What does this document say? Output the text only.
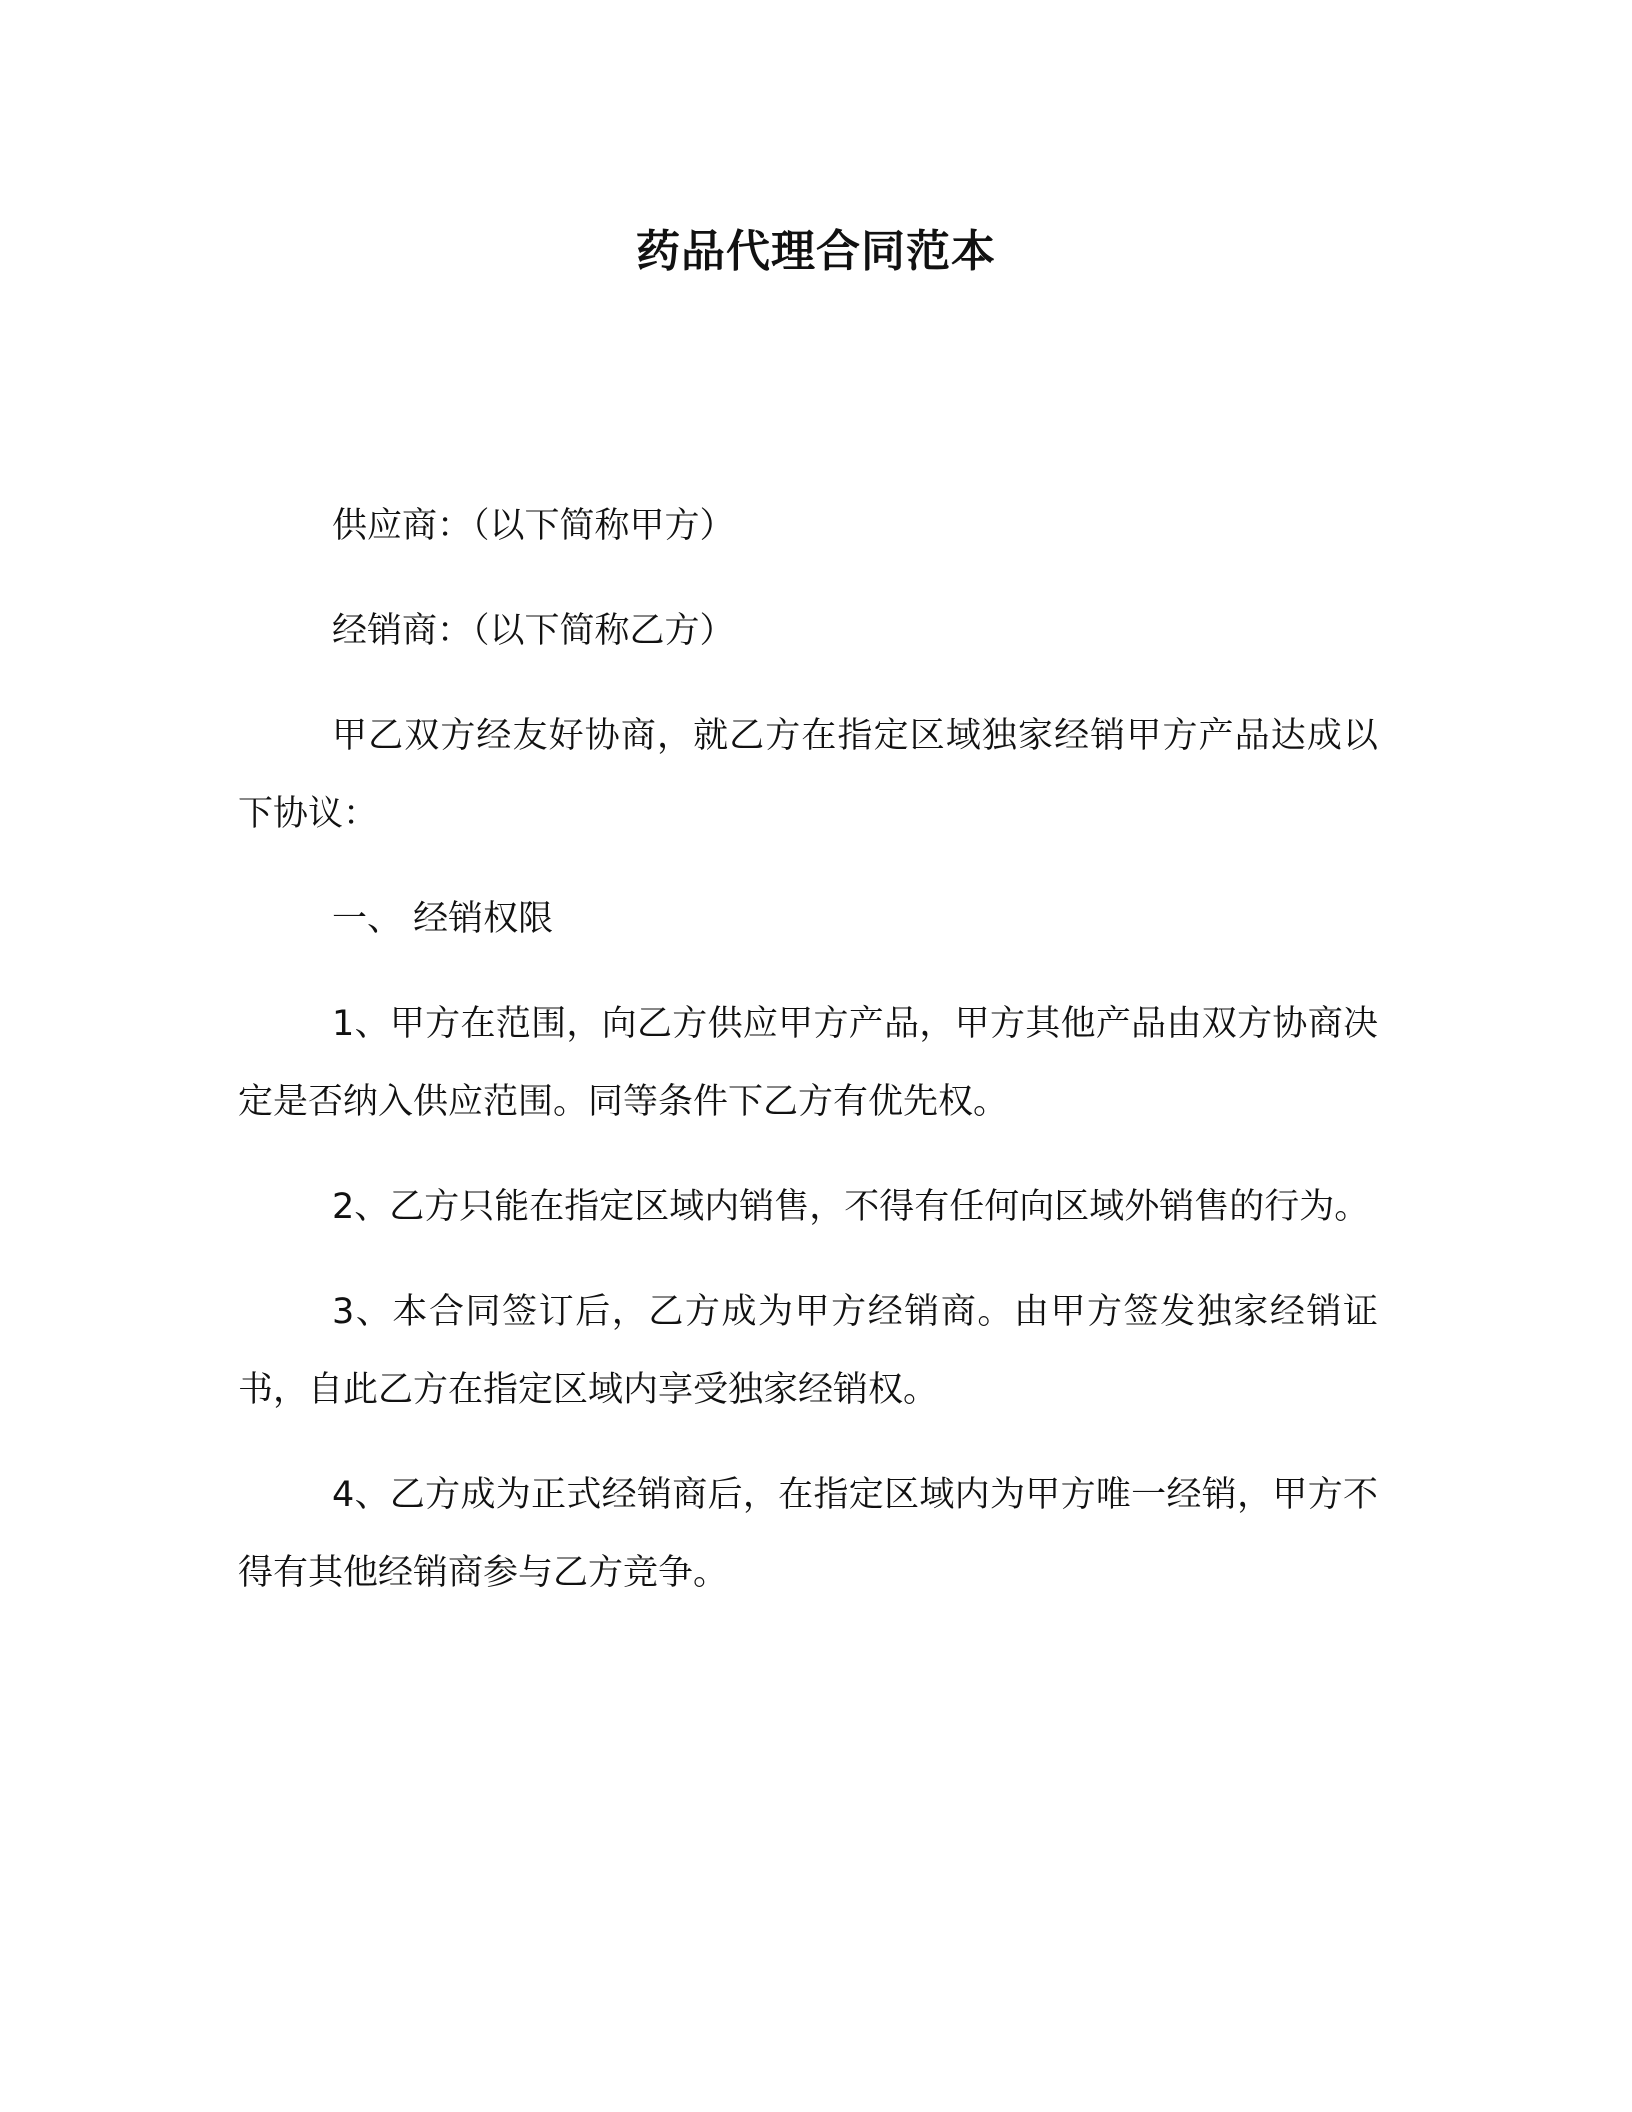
药品代理合同范本

供应商：（以下简称甲方）

经销商：（以下简称乙方）

甲乙双方经友好协商，就乙方在指定区域独家经销甲方产品达成以下协议：

一、 经销权限

1、甲方在范围，向乙方供应甲方产品，甲方其他产品由双方协商决定是否纳入供应范围。同等条件下乙方有优先权。

2、乙方只能在指定区域内销售，不得有任何向区域外销售的行为。

3、本合同签订后，乙方成为甲方经销商。由甲方签发独家经销证书，自此乙方在指定区域内享受独家经销权。

4、乙方成为正式经销商后，在指定区域内为甲方唯一经销，甲方不得有其他经销商参与乙方竞争。
